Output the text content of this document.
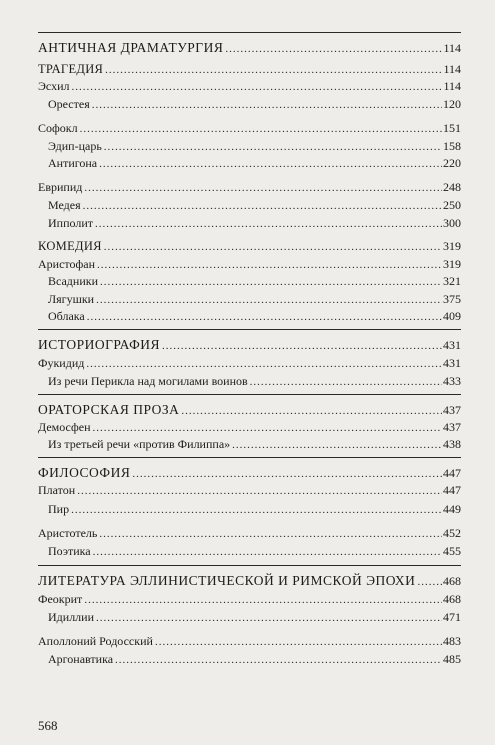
АНТИЧНАЯ ДРАМАТУРГИЯ .....	114
ТРАГЕДИЯ .....	114
Эсхил .....	114
Орестея .....	120
Софокл .....	151
Эдип-царь .....	158
Антигона .....	220
Еврипид .....	248
Медея .....	250
Ипполит .....	300
КОМЕДИЯ .....	319
Аристофан .....	319
Всадники .....	321
Лягушки .....	375
Облака .....	409
ИСТОРИОГРАФИЯ .....	431
Фукидид .....	431
Из речи Перикла над могилами воинов .....	433
ОРАТОРСКАЯ ПРОЗА .....	437
Демосфен .....	437
Из третьей речи «против Филиппа» .....	438
ФИЛОСОФИЯ .....	447
Платон .....	447
Пир .....	449
Аристотель .....	452
Поэтика .....	455
ЛИТЕРАТУРА ЭЛЛИНИСТИЧЕСКОЙ И РИМСКОЙ ЭПОХИ ..... 468
Феокрит .....	468
Идиллии .....	471
Аполлоний Родосский .....	483
Аргонавтика .....	485
568
